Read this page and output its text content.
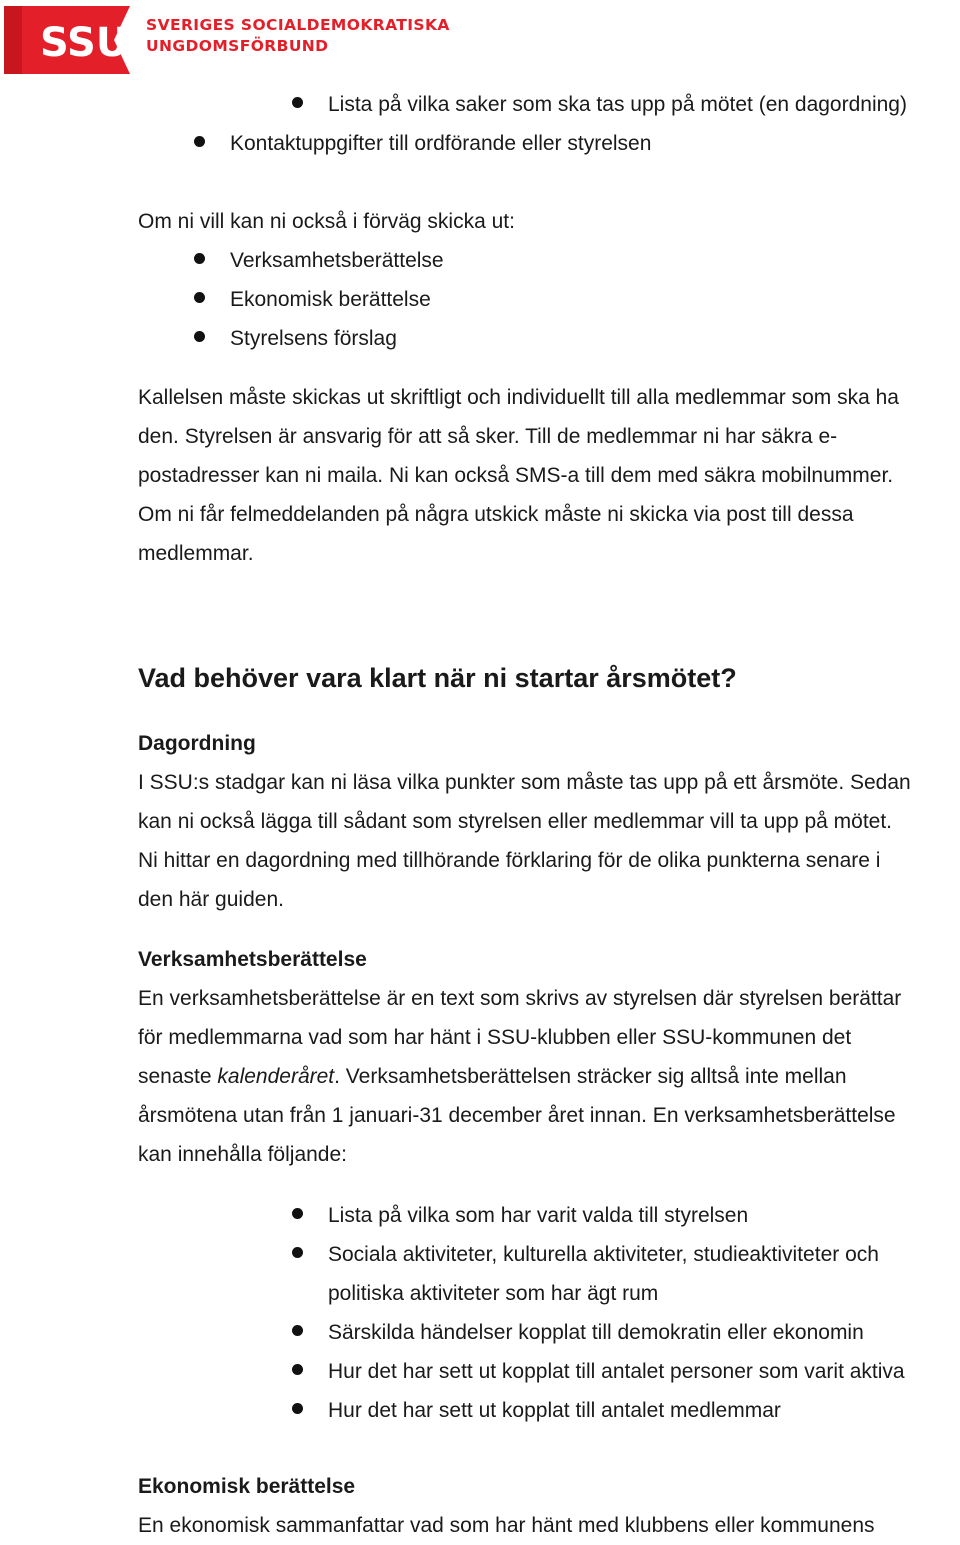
SSU SVERIGES SOCIALDEMOKRATISKA
UNGDOMSFÖRBUND
Lista på vilka saker som ska tas upp på mötet (en dagordning)
Kontaktuppgifter till ordförande eller styrelsen
Om ni vill kan ni också i förväg skicka ut:
Verksamhetsberättelse
Ekonomisk berättelse
Styrelsens förslag
Kallelsen måste skickas ut skriftligt och individuellt till alla medlemmar som ska ha
den. Styrelsen är ansvarig för att så sker. Till de medlemmar ni har säkra e-
postadresser kan ni maila. Ni kan också SMS-a till dem med säkra mobilnummer.
Om ni får felmeddelanden på några utskick måste ni skicka via post till dessa
medlemmar.
Vad behöver vara klart när ni startar årsmötet?
Dagordning
I SSU:s stadgar kan ni läsa vilka punkter som måste tas upp på ett årsmöte. Sedan
kan ni också lägga till sådant som styrelsen eller medlemmar vill ta upp på mötet.
Ni hittar en dagordning med tillhörande förklaring för de olika punkterna senare i
den här guiden.
Verksamhetsberättelse
En verksamhetsberättelse är en text som skrivs av styrelsen där styrelsen berättar
för medlemmarna vad som har hänt i SSU-klubben eller SSU-kommunen det
senaste kalenderåret. Verksamhetsberättelsen sträcker sig alltså inte mellan
årsmötena utan från 1 januari-31 december året innan. En verksamhetsberättelse
kan innehålla följande:
Lista på vilka som har varit valda till styrelsen
Sociala aktiviteter, kulturella aktiviteter, studieaktiviteter och
politiska aktiviteter som har ägt rum
Särskilda händelser kopplat till demokratin eller ekonomin
Hur det har sett ut kopplat till antalet personer som varit aktiva
Hur det har sett ut kopplat till antalet medlemmar
Ekonomisk berättelse
En ekonomisk sammanfattar vad som har hänt med klubbens eller kommunens
